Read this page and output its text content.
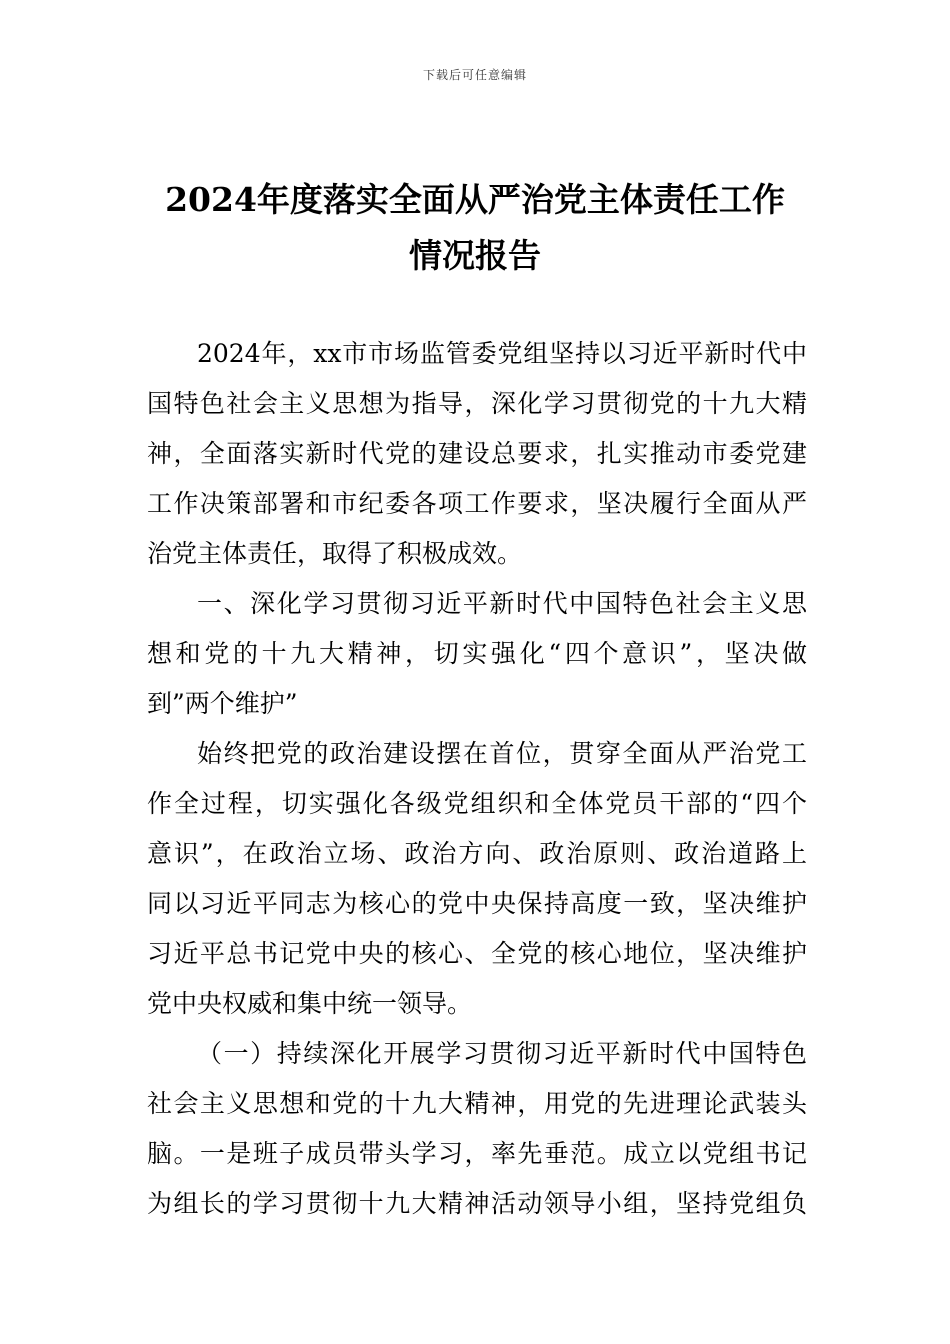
下载后可任意编辑
2024年度落实全面从严治党主体责任工作
情况报告
2024年，xx市市场监管委党组坚持以习近平新时代中
国特色社会主义思想为指导，深化学习贯彻党的十九大精
神，全面落实新时代党的建设总要求，扎实推动市委党建
工作决策部署和市纪委各项工作要求，坚决履行全面从严
治党主体责任，取得了积极成效。
一、深化学习贯彻习近平新时代中国特色社会主义思
想和党的十九大精神，切实强化“四个意识”，坚决做
到”两个维护”
始终把党的政治建设摆在首位，贯穿全面从严治党工
作全过程，切实强化各级党组织和全体党员干部的“四个
意识”，在政治立场、政治方向、政治原则、政治道路上
同以习近平同志为核心的党中央保持高度一致，坚决维护
习近平总书记党中央的核心、全党的核心地位，坚决维护
党中央权威和集中统一领导。
（一）持续深化开展学习贯彻习近平新时代中国特色
社会主义思想和党的十九大精神，用党的先进理论武装头
脑。一是班子成员带头学习，率先垂范。成立以党组书记
为组长的学习贯彻十九大精神活动领导小组，坚持党组负
